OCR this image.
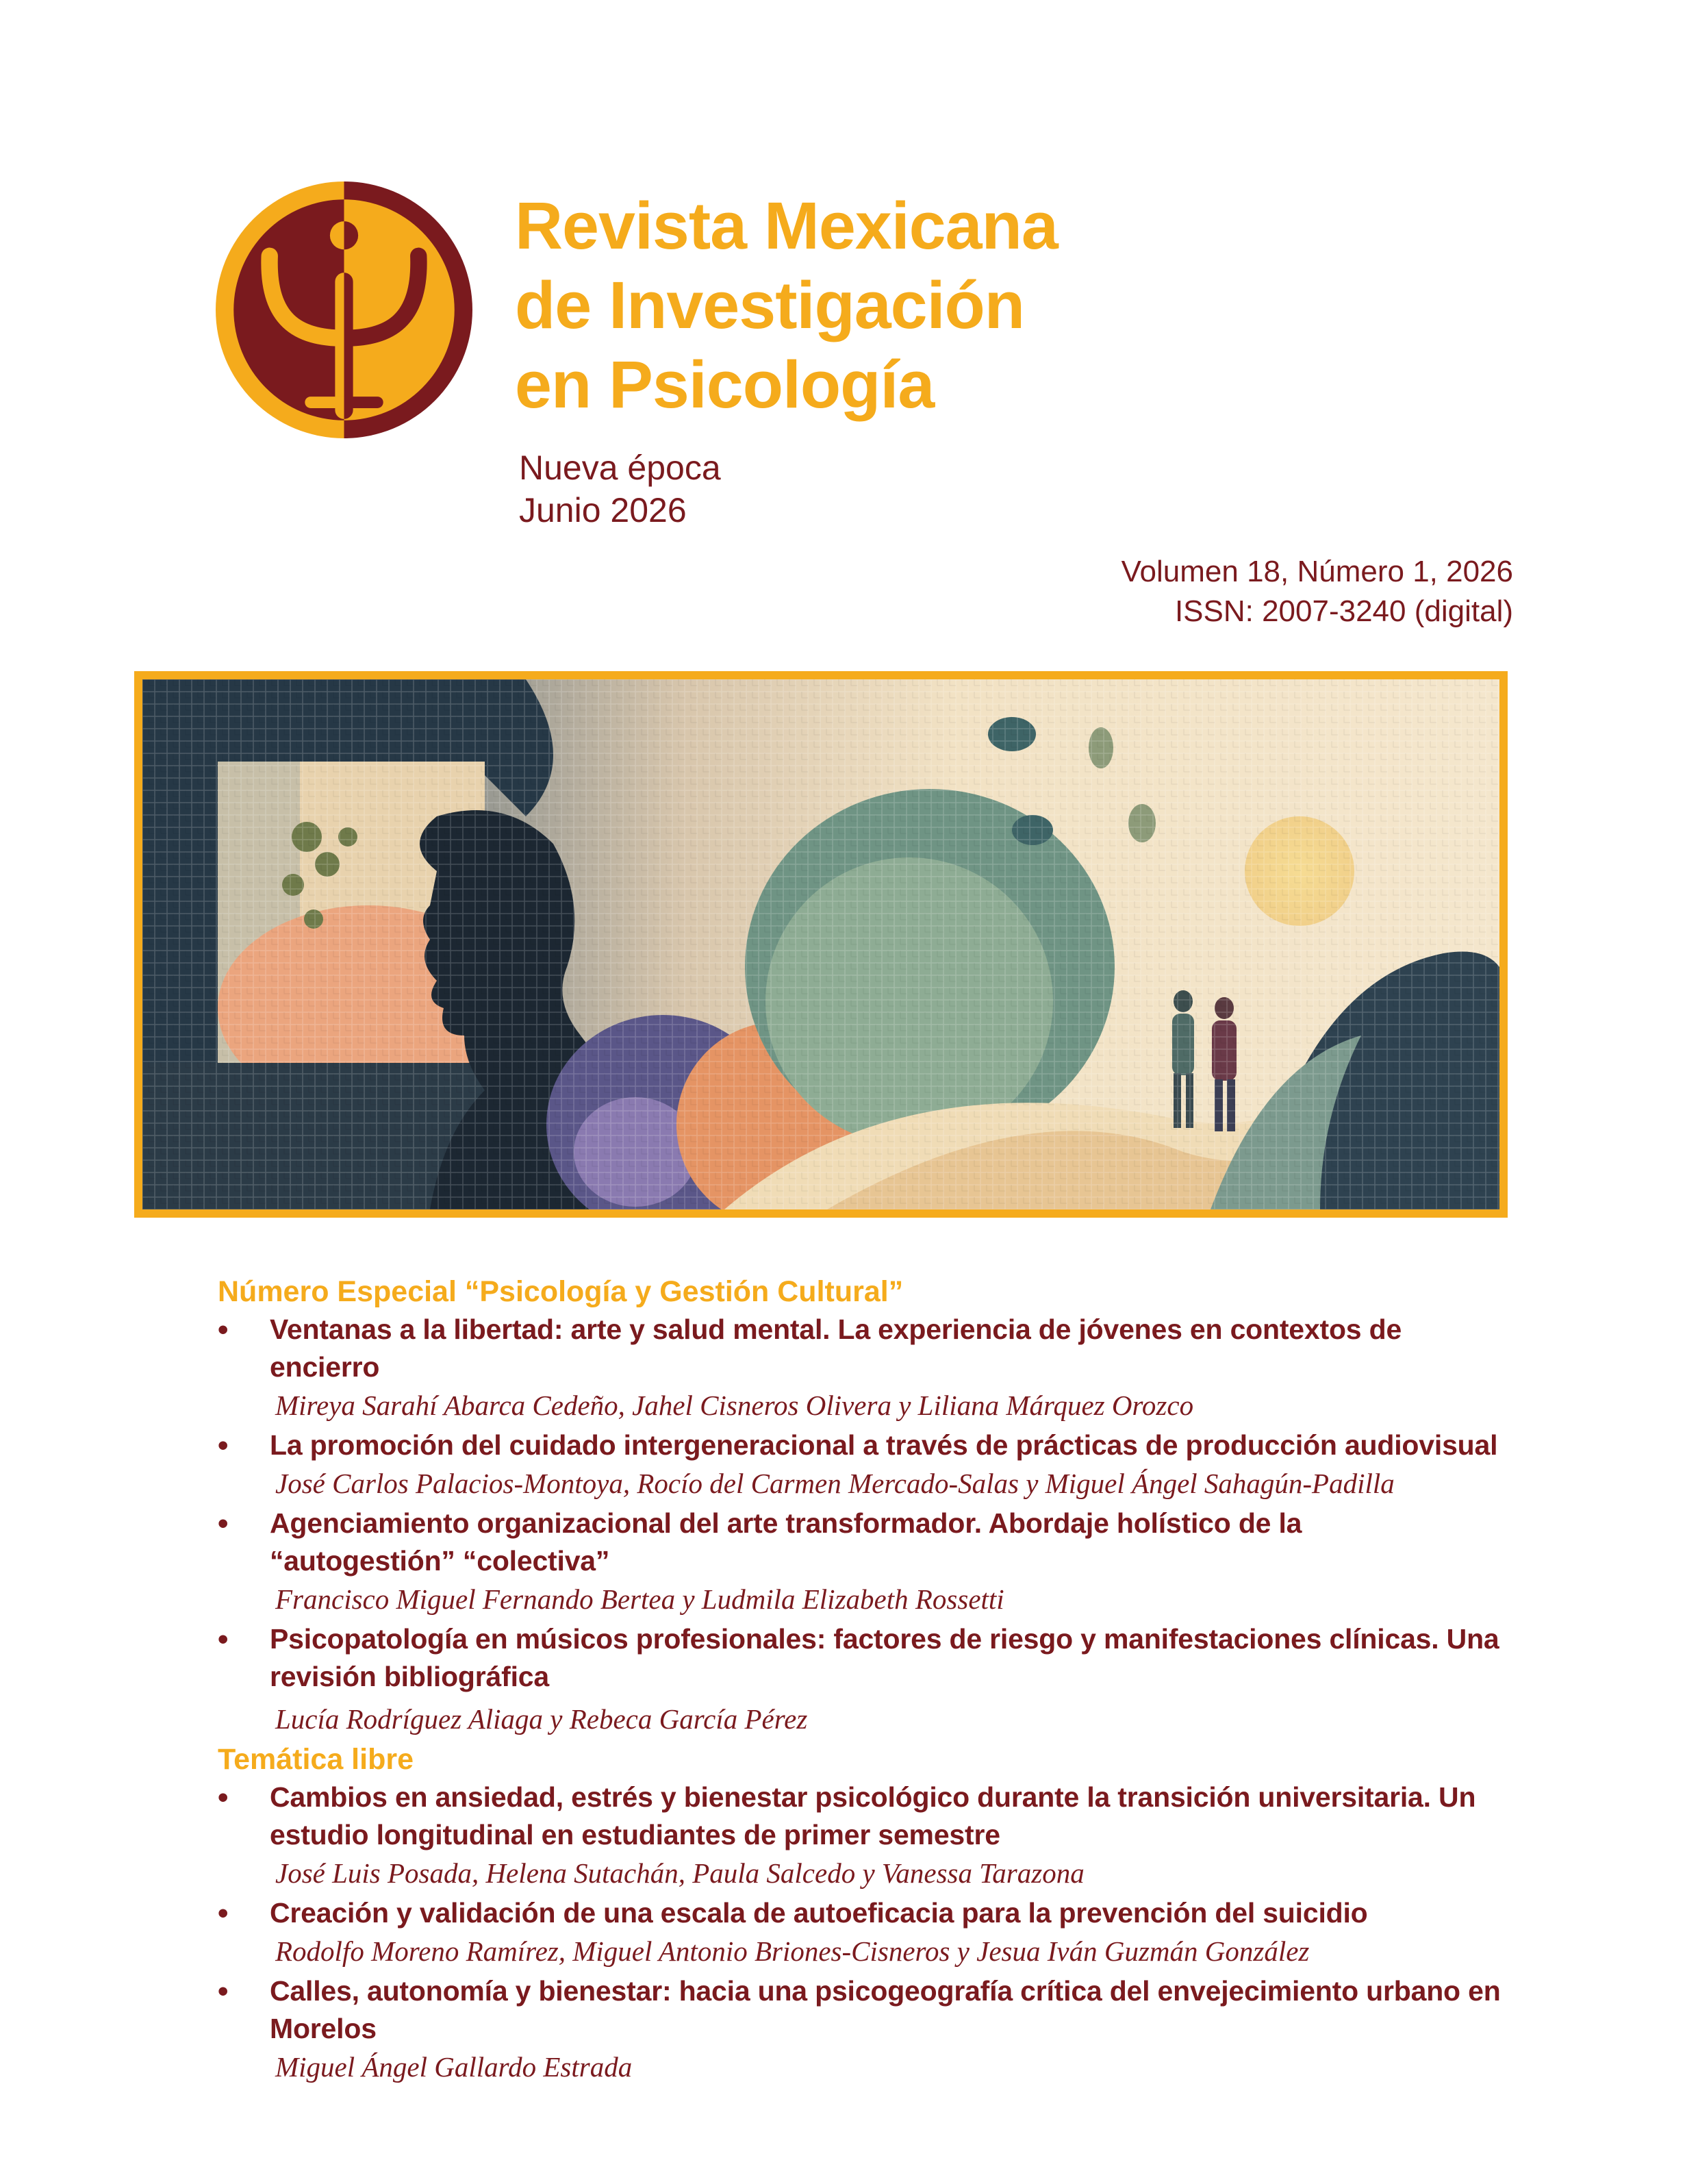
Revista Mexicana
de Investigación
en Psicología
Nueva época
Junio 2026
Volumen 18, Número 1, 2026
ISSN: 2007-3240 (digital)
Número Especial “Psicología y Gestión Cultural”
• Ventanas a la libertad: arte y salud mental. La experiencia de jóvenes en contextos de encierro
Mireya Sarahí Abarca Cedeño, Jahel Cisneros Olivera y Liliana Márquez Orozco
• La promoción del cuidado intergeneracional a través de prácticas de producción audiovisual
José Carlos Palacios-Montoya, Rocío del Carmen Mercado-Salas y Miguel Ángel Sahagún-Padilla
• Agenciamiento organizacional del arte transformador. Abordaje holístico de la “autogestión” “colectiva”
Francisco Miguel Fernando Bertea y Ludmila Elizabeth Rossetti
• Psicopatología en músicos profesionales: factores de riesgo y manifestaciones clínicas. Una revisión bibliográfica
Lucía Rodríguez Aliaga y Rebeca García Pérez
Temática libre
• Cambios en ansiedad, estrés y bienestar psicológico durante la transición universitaria. Un estudio longitudinal en estudiantes de primer semestre
José Luis Posada, Helena Sutachán, Paula Salcedo y Vanessa Tarazona
• Creación y validación de una escala de autoeficacia para la prevención del suicidio
Rodolfo Moreno Ramírez, Miguel Antonio Briones-Cisneros y Jesua Iván Guzmán González
• Calles, autonomía y bienestar: hacia una psicogeografía crítica del envejecimiento urbano en Morelos
Miguel Ángel Gallardo Estrada
